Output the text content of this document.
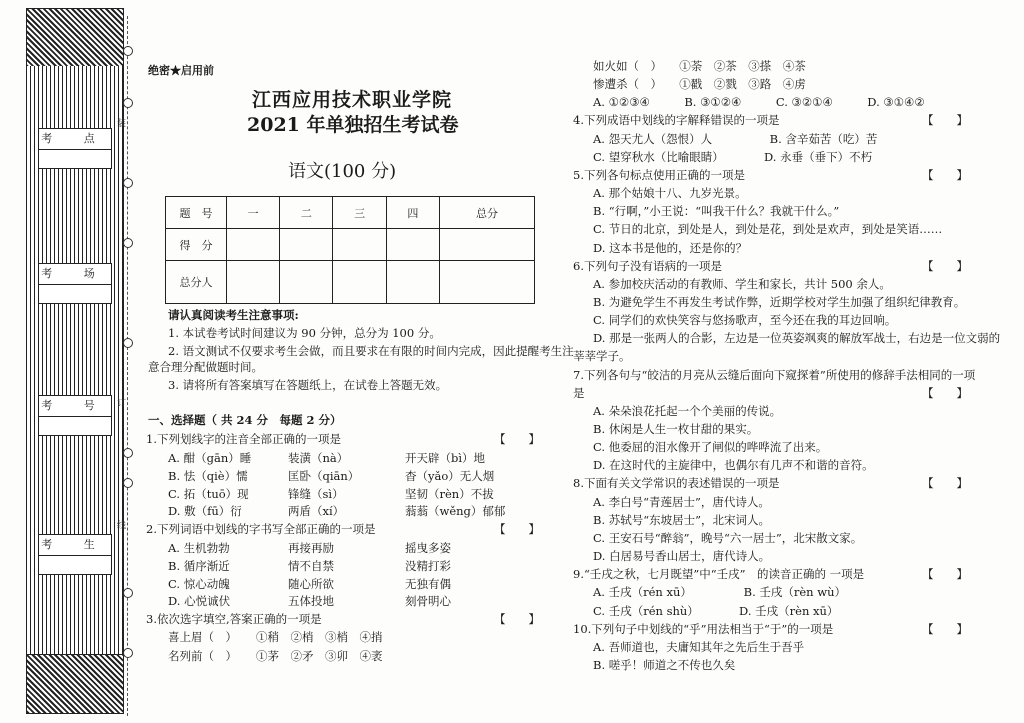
考 点
考 场
考 号
考 生
装
订
线
绝密★启用前
江西应用技术职业学院
2021 年单独招生考试卷
语文(100 分)
题　号	一	二	三	四	总分
得　分					
总分人					
请认真阅读考生注意事项:
1. 本试卷考试时间建议为 90 分钟，总分为 100 分。
2. 语文测试不仅要求考生会做，而且要求在有限的时间内完成，因此提醒考生注
意合理分配做题时间。
3. 请将所有答案填写在答题纸上，在试卷上答题无效。
一、选择题（ 共 24 分　每题 2 分）
1.下列划线字的注音全部正确的一项是	【　　】
A. 酣（gān）睡	装潢（nà）	开天辟（bì）地
B. 怯（qiè）懦	匡卧（qiān）	杳（yǎo）无人烟
C. 拓（tuō）现	锋缝（sì）	坚韧（rèn）不拔
D. 敷（fū）衍	两盾（xí）	蓊蓊（wěng）郁郁
2.下列词语中划线的字书写全部正确的一项是	【　　】
A. 生机勃勃	再接再励	摇曳多姿
B. 循序渐近	情不自禁	没精打彩
C. 惊心动魄	随心所欲	无独有偶
D. 心悦诚伏	五体投地	刻骨明心
3.依次选字填空,答案正确的一项是	【　　】
喜上眉（　） ①稍　②梢　③梢　④捎
名列前（　） ①茅　②矛　③卯　④袤
如火如（　）　　①荼　②茶　③搽　④茶
惨遭杀（　）　　①戳　②戮　③路　④虏
A. ①②③④　　　B. ③①②④　　　C. ③②①④　　　D. ③①④②
4.下列成语中划线的字解释错误的一项是	【　　】
A. 怨天尤人（怨恨）人　　　　　B. 含辛茹苦（吃）苦
C. 望穿秋水（比喻眼睛）　　　　D. 永垂（垂下）不朽
5.下列各句标点使用正确的一项是	【　　】
A. 那个姑娘十八、九岁光景。
B. “行啊，”小王说：“叫我干什么？我就干什么。”
C. 节日的北京，到处是人，到处是花，到处是欢声，到处是笑语……
D. 这本书是他的，还是你的？
6.下列句子没有语病的一项是	【　　】
A. 参加校庆活动的有教师、学生和家长，共计 500 余人。
B. 为避免学生不再发生考试作弊，近期学校对学生加强了组织纪律教育。
C. 同学们的欢快笑容与悠扬歌声，至今还在我的耳边回响。
D. 那是一张两人的合影，左边是一位英姿飒爽的解放军战士，右边是一位文弱的
莘莘学子。
7.下列各句与“皎洁的月亮从云缝后面向下窥探着”所使用的修辞手法相同的一项
是	【　　】
A. 朵朵浪花托起一个个美丽的传说。
B. 休闲是人生一枚甘甜的果实。
C. 他委屈的泪水像开了闸似的哗哗流了出来。
D. 在这时代的主旋律中，也偶尔有几声不和谐的音符。
8.下面有关文学常识的表述错误的一项是	【　　】
A. 李白号“青莲居士”，唐代诗人。
B. 苏轼号“东坡居士”，北宋词人。
C. 王安石号“醉翁”，晚号“六一居士”，北宋散文家。
D. 白居易号香山居士，唐代诗人。
9.“壬戌之秋，七月既望”中“壬戌”　的读音正确的 一项是	【　　】
A. 壬戌（rén xū）　　　　　B. 壬戌（rèn wù）
C. 壬戌（rén shù）　　　　D. 壬戌（rèn xū）
10.下列句子中划线的“乎”用法相当于“于”的一项是	【　　】
A. 吾师道也，夫庸知其年之先后生于吾乎
B. 嗟乎！师道之不传也久矣
